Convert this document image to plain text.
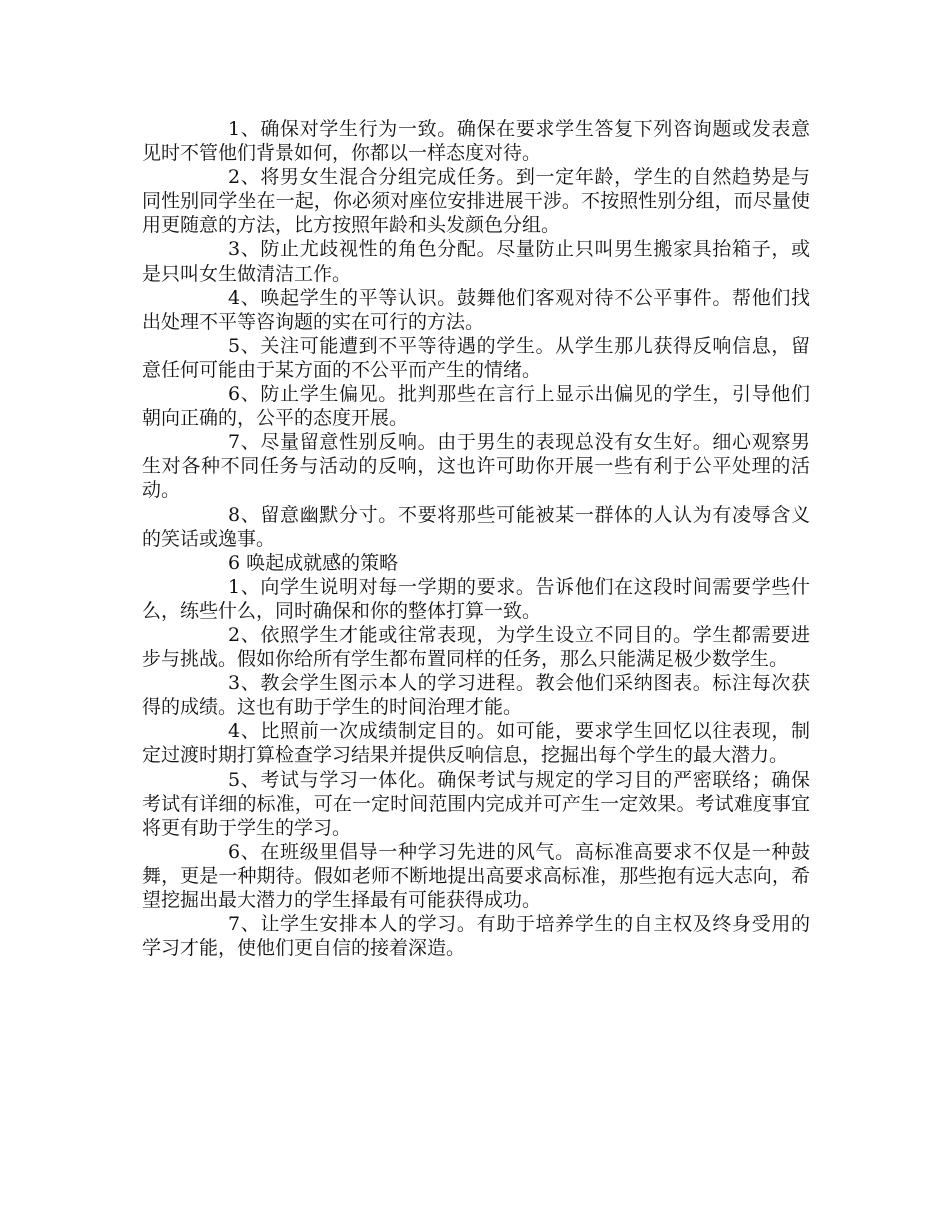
1、确保对学生行为一致。确保在要求学生答复下列咨询题或发表意见时不管他们背景如何，你都以一样态度对待。

2、将男女生混合分组完成任务。到一定年龄，学生的自然趋势是与同性别同学坐在一起，你必须对座位安排进展干涉。不按照性别分组，而尽量使用更随意的方法，比方按照年龄和头发颜色分组。

3、防止尤歧视性的角色分配。尽量防止只叫男生搬家具抬箱子，或是只叫女生做清洁工作。

4、唤起学生的平等认识。鼓舞他们客观对待不公平事件。帮他们找出处理不平等咨询题的实在可行的方法。

5、关注可能遭到不平等待遇的学生。从学生那儿获得反响信息，留意任何可能由于某方面的不公平而产生的情绪。

6、防止学生偏见。批判那些在言行上显示出偏见的学生，引导他们朝向正确的，公平的态度开展。

7、尽量留意性别反响。由于男生的表现总没有女生好。细心观察男生对各种不同任务与活动的反响，这也许可助你开展一些有利于公平处理的活动。

8、留意幽默分寸。不要将那些可能被某一群体的人认为有凌辱含义的笑话或逸事。

6 唤起成就感的策略

1、向学生说明对每一学期的要求。告诉他们在这段时间需要学些什么，练些什么，同时确保和你的整体打算一致。

2、依照学生才能或往常表现，为学生设立不同目的。学生都需要进步与挑战。假如你给所有学生都布置同样的任务，那么只能满足极少数学生。

3、教会学生图示本人的学习进程。教会他们采纳图表。标注每次获得的成绩。这也有助于学生的时间治理才能。

4、比照前一次成绩制定目的。如可能，要求学生回忆以往表现，制定过渡时期打算检查学习结果并提供反响信息，挖掘出每个学生的最大潜力。

5、考试与学习一体化。确保考试与规定的学习目的严密联络；确保考试有详细的标准，可在一定时间范围内完成并可产生一定效果。考试难度事宜将更有助于学生的学习。

6、在班级里倡导一种学习先进的风气。高标准高要求不仅是一种鼓舞，更是一种期待。假如老师不断地提出高要求高标准，那些抱有远大志向，希望挖掘出最大潜力的学生择最有可能获得成功。

7、让学生安排本人的学习。有助于培养学生的自主权及终身受用的学习才能，使他们更自信的接着深造。
